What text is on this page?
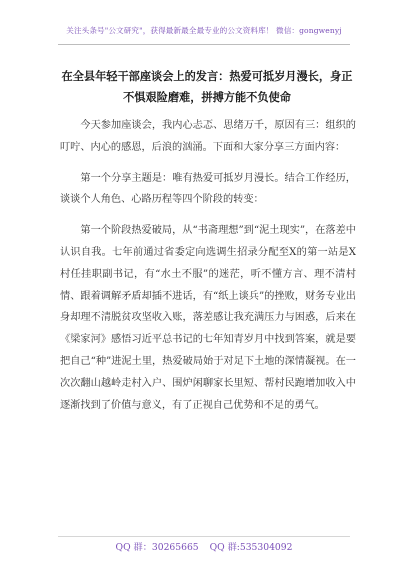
关注头条号"公文研究"，获得最新最全最专业的公文资料库！ 微信：gongwenyj
在全县年轻干部座谈会上的发言：热爱可抵岁月漫长，身正不惧艰险磨难，拼搏方能不负使命

今天参加座谈会，我内心忐忑、思绪万千，原因有三：组织的叮咛、内心的感恩，后浪的汹涌。下面和大家分享三方面内容：

第一个分享主题是：唯有热爱可抵岁月漫长。结合工作经历，谈谈个人角色、心路历程等四个阶段的转变：

第一个阶段热爱破局，从“书斋理想”到“泥土现实”，在落差中认识自我。七年前通过省委定向选调生招录分配至X的第一站是X村任挂职副书记，有“水土不服”的迷茫，听不懂方言、理不清村情、跟着调解矛盾却插不进话，有“纸上谈兵”的挫败，财务专业出身却理不清脱贫攻坚收入账，落差感让我充满压力与困惑，后来在《梁家河》感悟习近平总书记的七年知青岁月中找到答案，就是要把自己“种”进泥土里，热爱破局始于对足下土地的深情凝视。在一次次翻山越岭走村入户、围炉闲聊家长里短、帮村民跑增加收入中逐渐找到了价值与意义，有了正视自己优势和不足的勇气。

QQ 群：30265665 QQ 群:535304092
